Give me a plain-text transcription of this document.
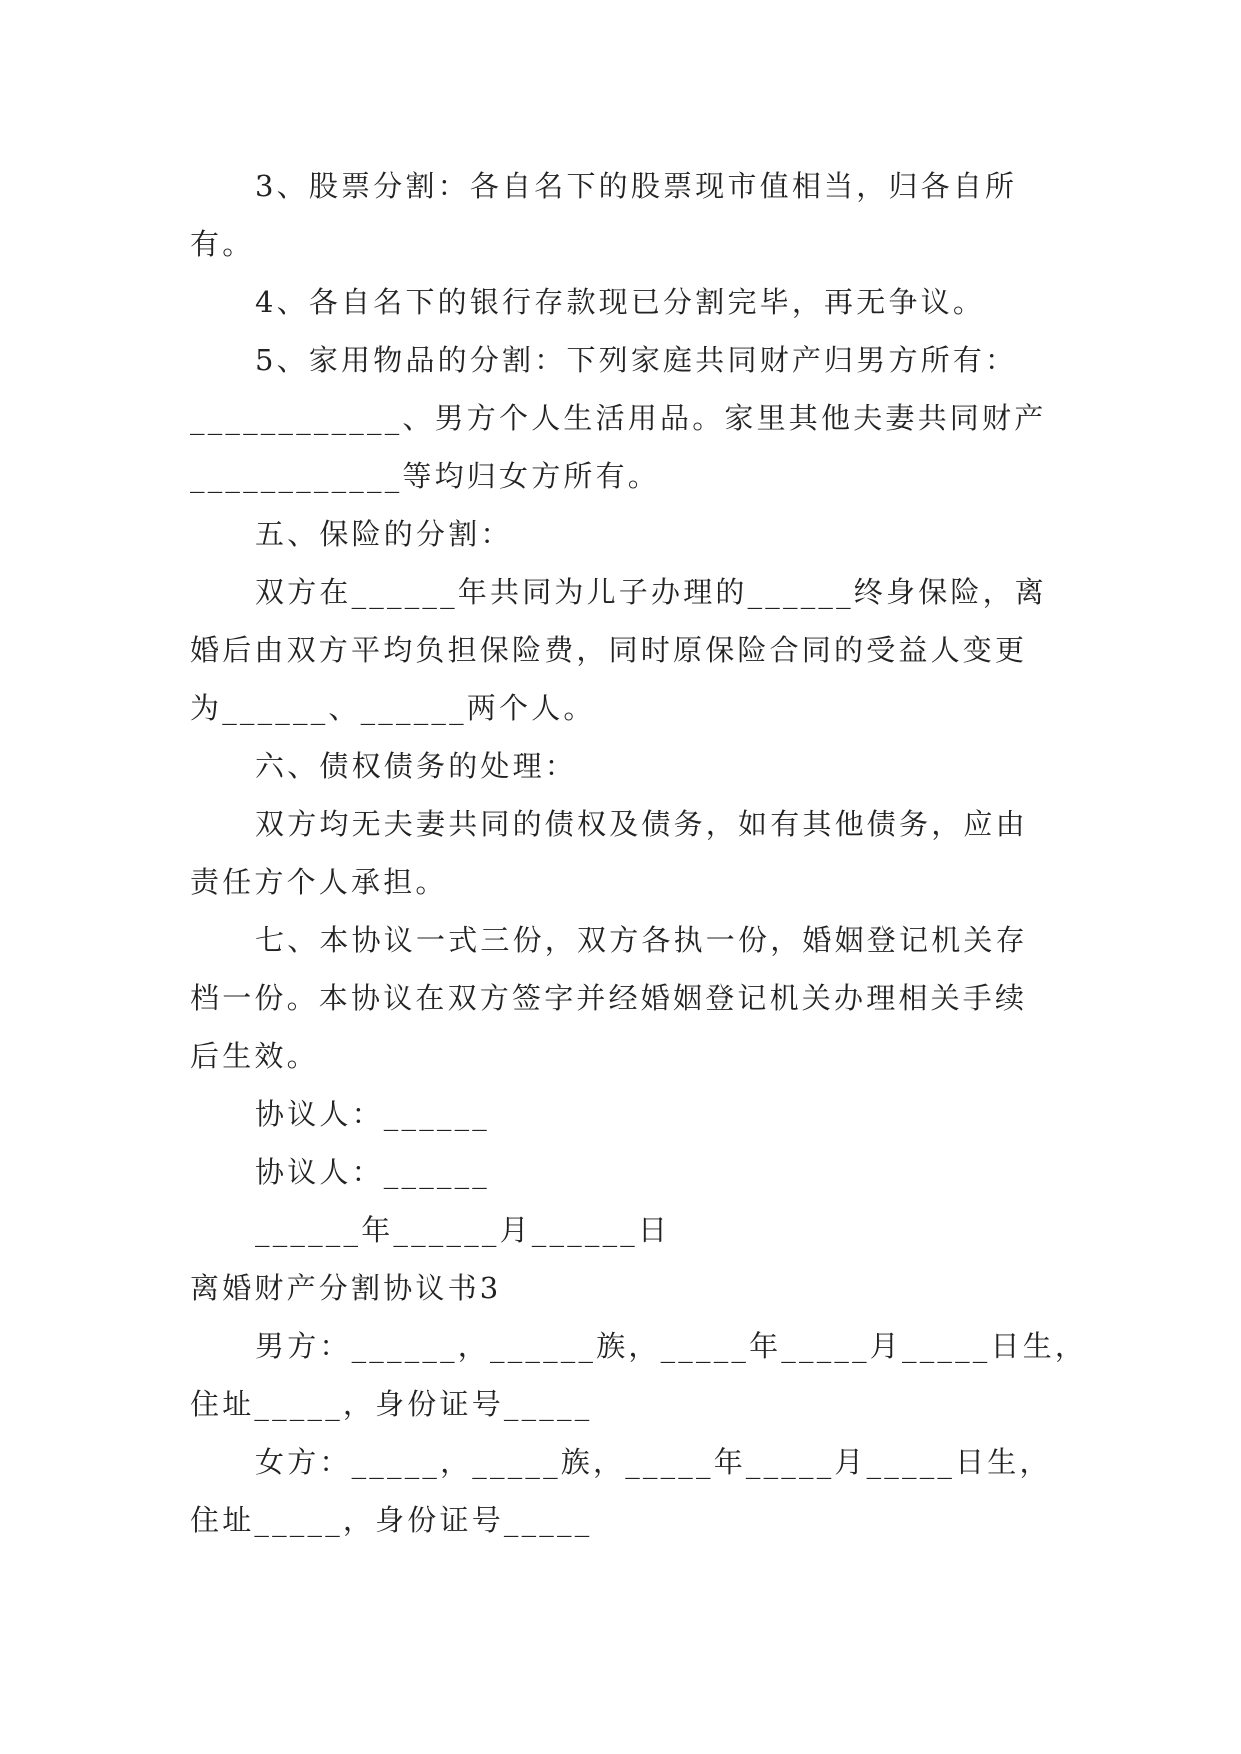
3、股票分割：各自名下的股票现市值相当，归各自所
有。
4、各自名下的银行存款现已分割完毕，再无争议。
5、家用物品的分割：下列家庭共同财产归男方所有：
____________、男方个人生活用品。家里其他夫妻共同财产
____________等均归女方所有。
五、保险的分割：
双方在______年共同为儿子办理的______终身保险，离
婚后由双方平均负担保险费，同时原保险合同的受益人变更
为______、______两个人。
六、债权债务的处理：
双方均无夫妻共同的债权及债务，如有其他债务，应由
责任方个人承担。
七、本协议一式三份，双方各执一份，婚姻登记机关存
档一份。本协议在双方签字并经婚姻登记机关办理相关手续
后生效。
协议人：______
协议人：______
______年______月______日
离婚财产分割协议书3
男方：______，______族，_____年_____月_____日生，
住址_____，身份证号_____
女方：_____，_____族，_____年_____月_____日生，
住址_____，身份证号_____
